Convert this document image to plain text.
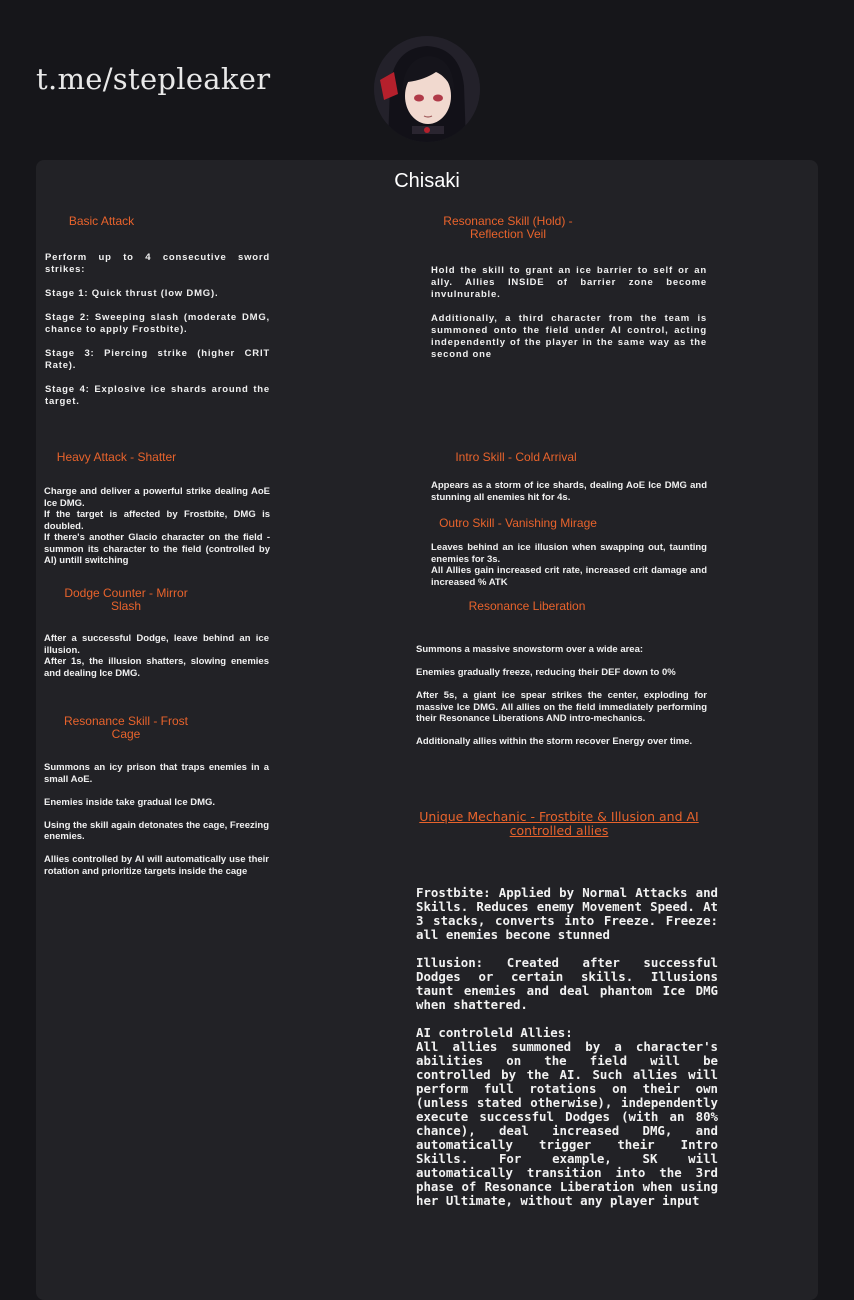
t.me/stepleaker
Chisaki
Basic Attack
Perform up to 4 consecutive sword strikes:

Stage 1: Quick thrust (low DMG).

Stage 2: Sweeping slash (moderate DMG, chance to apply Frostbite).

Stage 3: Piercing strike (higher CRIT Rate).

Stage 4: Explosive ice shards around the target.
Resonance Skill (Hold) - Reflection Veil
Hold the skill to grant an ice barrier to self or an ally. Allies INSIDE of barrier zone become invulnurable.

Additionally, a third character from the team is summoned onto the field under AI control, acting independently of the player in the same way as the second one
Heavy Attack - Shatter
Charge and deliver a powerful strike dealing AoE Ice DMG.
If the target is affected by Frostbite, DMG is doubled.
If there's another Glacio character on the field - summon its character to the field (controlled by AI) untill switching
Intro Skill - Cold Arrival
Appears as a storm of ice shards, dealing AoE Ice DMG and stunning all enemies hit for 4s.
Outro Skill - Vanishing Mirage
Leaves behind an ice illusion when swapping out, taunting enemies for 3s.
All Allies gain increased crit rate, increased crit damage and increased % ATK
Dodge Counter - Mirror Slash
After a successful Dodge, leave behind an ice illusion.
After 1s, the illusion shatters, slowing enemies and dealing Ice DMG.
Resonance Liberation
Summons a massive snowstorm over a wide area:

Enemies gradually freeze, reducing their DEF down to 0%

After 5s, a giant ice spear strikes the center, exploding for massive Ice DMG. All allies on the field immediately performing their Resonance Liberations AND intro-mechanics.

Additionally allies within the storm recover Energy over time.
Resonance Skill - Frost Cage
Summons an icy prison that traps enemies in a small AoE.

Enemies inside take gradual Ice DMG.

Using the skill again detonates the cage, Freezing enemies.

Allies controlled by AI will automatically use their rotation and prioritize targets inside the cage
Unique Mechanic - Frostbite & Illusion and AI controlled allies
Frostbite: Applied by Normal Attacks and Skills. Reduces enemy Movement Speed. At 3 stacks, converts into Freeze. Freeze: all enemies becone stunned

Illusion: Created after successful Dodges or certain skills. Illusions taunt enemies and deal phantom Ice DMG when shattered.

AI controleld Allies:
All allies summoned by a character's abilities on the field will be controlled by the AI. Such allies will perform full rotations on their own (unless stated otherwise), independently execute successful Dodges (with an 80% chance), deal increased DMG, and automatically trigger their Intro Skills. For example, SK will automatically transition into the 3rd phase of Resonance Liberation when using her Ultimate, without any player input
